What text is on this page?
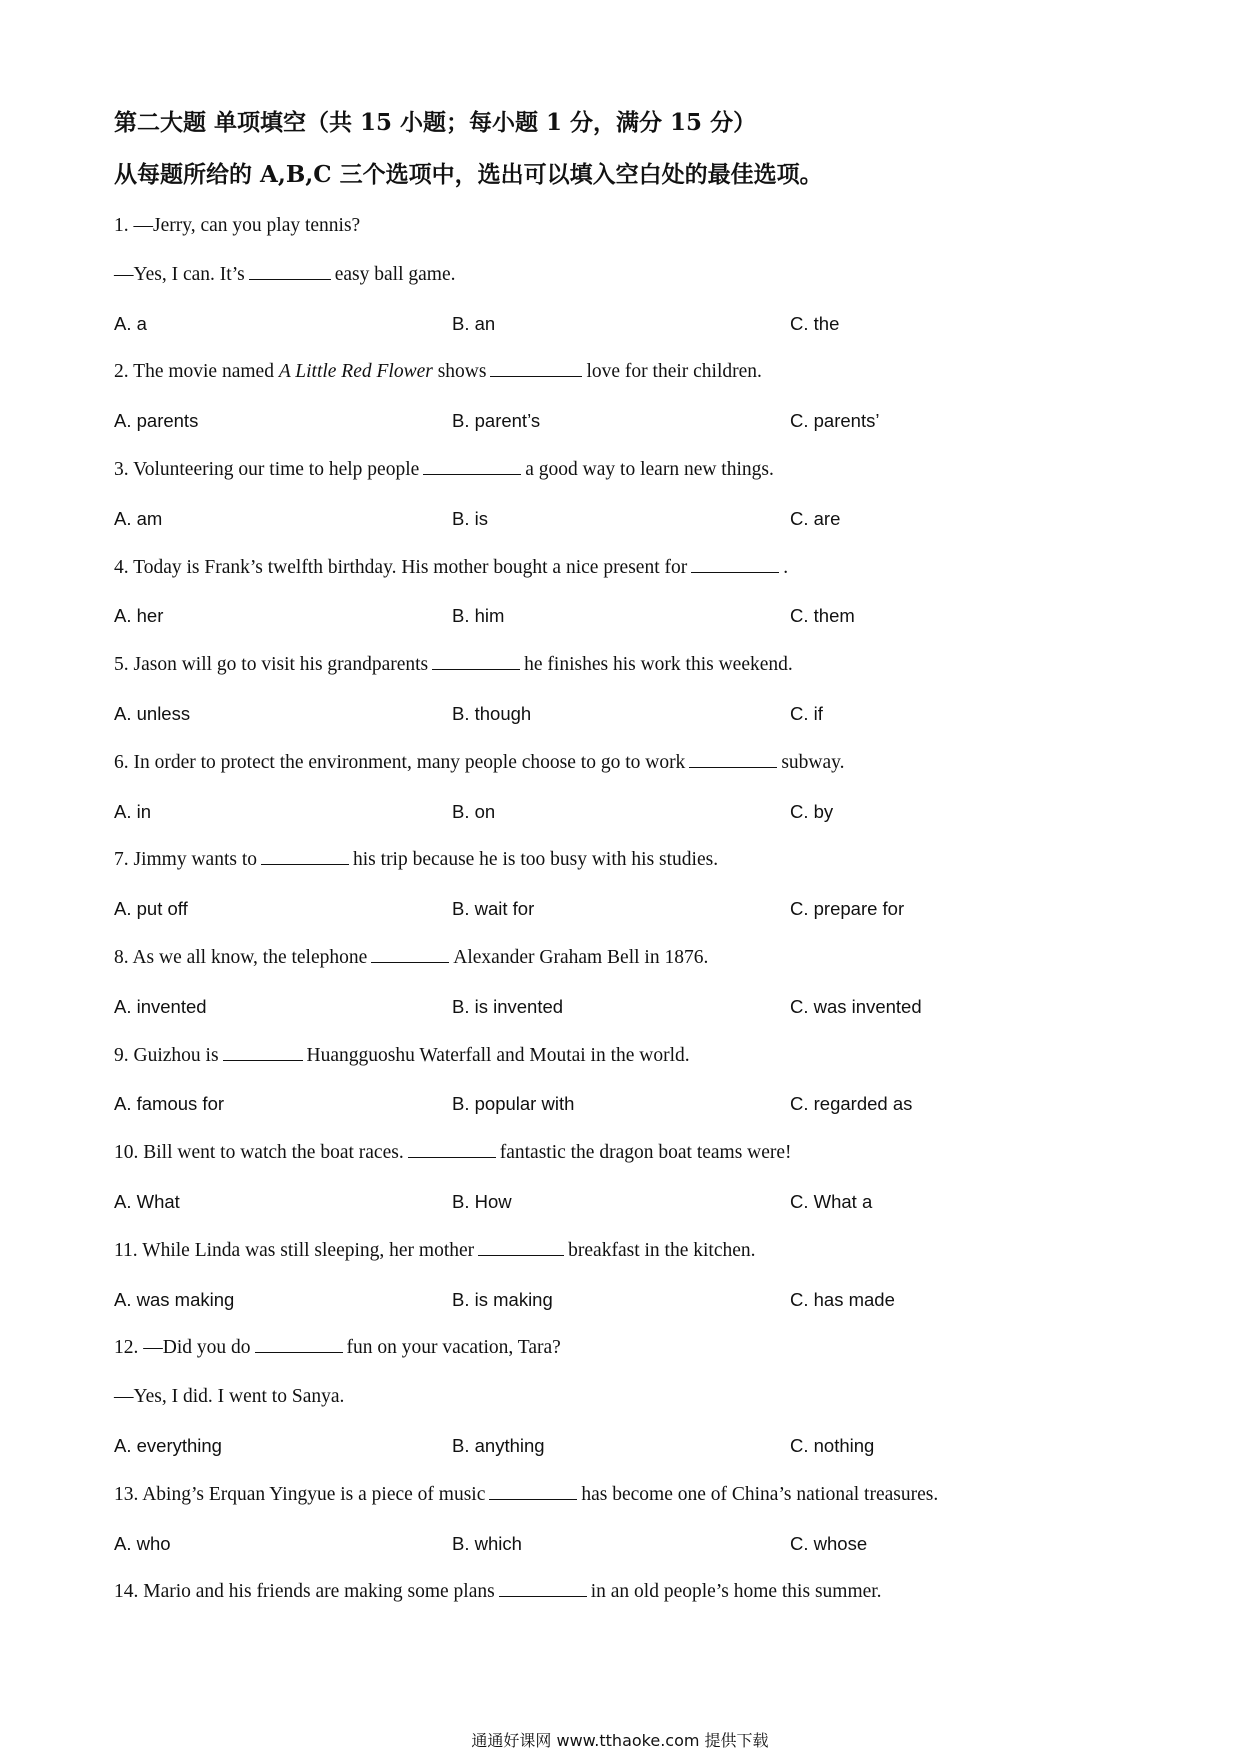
第二大题 单项填空（共 15 小题；每小题 1 分，满分 15 分）
从每题所给的 A,B,C 三个选项中，选出可以填入空白处的最佳选项。
1. —Jerry, can you play tennis?
—Yes, I can. It’s	easy ball game.
A. a	B. an	C. the
2. The movie named A Little Red Flower shows	love for their children.
A. parents	B. parent’s	C. parents’
3. Volunteering our time to help people	a good way to learn new things.
A. am	B. is	C. are
4. Today is Frank’s twelfth birthday. His mother bought a nice present for	.
A. her	B. him	C. them
5. Jason will go to visit his grandparents	he finishes his work this weekend.
A. unless	B. though	C. if
6. In order to protect the environment, many people choose to go to work	subway.
A. in	B. on	C. by
7. Jimmy wants to	his trip because he is too busy with his studies.
A. put off	B. wait for	C. prepare for
8. As we all know, the telephone	Alexander Graham Bell in 1876.
A. invented	B. is invented	C. was invented
9. Guizhou is	Huangguoshu Waterfall and Moutai in the world.
A. famous for	B. popular with	C. regarded as
10. Bill went to watch the boat races.	fantastic the dragon boat teams were!
A. What	B. How	C. What a
11. While Linda was still sleeping, her mother	breakfast in the kitchen.
A. was making	B. is making	C. has made
12. —Did you do	fun on your vacation, Tara?
—Yes, I did. I went to Sanya.
A. everything	B. anything	C. nothing
13. Abing’s Erquan Yingyue is a piece of music	has become one of China’s national treasures.
A. who	B. which	C. whose
14. Mario and his friends are making some plans	in an old people’s home this summer.
通通好课网 www.tthaoke.com 提供下载
